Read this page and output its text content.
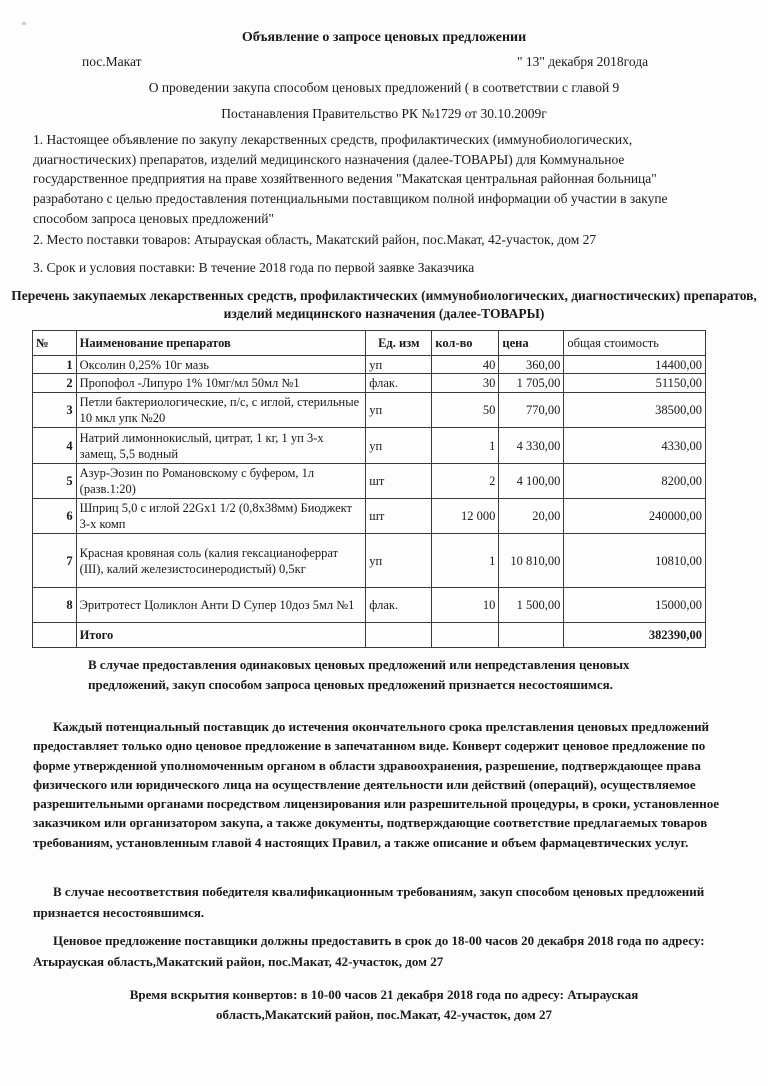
Объявление о запросе ценовых предложении
пос.Макат	" 13" декабря 2018года
О проведении закупа способом ценовых предложений ( в соответствии с главой 9
Постанавления Правительство РК №1729 от 30.10.2009г
1. Настоящее объявление по закупу лекарственных средств, профилактических (иммунобиологических, диагностических) препаратов, изделий медицинского назначения (далее-ТОВАРЫ) для Коммунальное государственное предприятия на праве хозяйтвенного ведения "Макатская центральная районная больница" разработано с целью предоставления потенциальными поставщиком полной информации об участии в закупе способом запроса ценовых предложений"
2. Место поставки товаров: Атырауская область, Макатский район, пос.Макат, 42-участок, дом 27
3. Срок и условия поставки: В течение 2018 года по первой заявке Заказчика
Перечень закупаемых лекарственных средств, профилактических (иммунобиологических, диагностических) препаратов, изделий медицинского назначения (далее-ТОВАРЫ)
№	Наименование препаратов	Ед. изм	кол-во	цена	общая стоимость
1	Оксолин 0,25% 10г мазь	уп	40	360,00	14400,00
2	Пропофол -Липуро 1% 10мг/мл 50мл №1	флак.	30	1 705,00	51150,00
3	Петли бактериологические, п/с, с иглой, стерильные 10 мкл упк №20	уп	50	770,00	38500,00
4	Натрий лимоннокислый, цитрат, 1 кг, 1 уп 3-х замещ, 5,5 водный	уп	1	4 330,00	4330,00
5	Азур-Эозин по Романовскому с буфером, 1л (разв.1:20)	шт	2	4 100,00	8200,00
6	Шприц 5,0 с иглой 22Gx1 1/2 (0,8x38мм) Биоджект 3-х комп	шт	12 000	20,00	240000,00
7	Красная кровяная соль (калия гексацианоферрат (III), калий железистосинеродистый) 0,5кг	уп	1	10 810,00	10810,00
8	Эритротест Цоликлон Анти D Супер 10доз 5мл №1	флак.	10	1 500,00	15000,00
	Итого				382390,00
В случае предоставления одинаковых ценовых предложений или непредставления ценовых предложений, закуп способом запроса ценовых предложений признается несостояшимся.
Каждый потенциальный поставщик до истечения окончательного срока прелставления ценовых предложений предоставляет только одно ценовое предложение в запечатанном виде. Конверт содержит ценовое предложение по форме утвержденной уполномоченным органом в области здравоохранения, разрешение, подтверждающее права физического или юридического лица на осуществление деятельности или действий (операций), осуществляемое разрешительными органами посредством лицензирования или разрешительной процедуры, в сроки, установленное заказчиком или организатором закупа, а также документы, подтверждающие соответствие предлагаемых товаров требованиям, установленным главой 4 настоящих Правил, а также описание и объем фармацевтических услуг.
В случае несоответствия победителя квалификационным требованиям, закуп способом ценовых предложений признается несостоявшимся.
Ценовое предложение поставщики должны предоставить в срок до 18-00 часов 20 декабря 2018 года по адресу: Атырауская область,Макатский район, пос.Макат, 42-участок, дом 27
Время вскрытия конвертов: в 10-00 часов 21 декабря 2018 года по адресу: Атырауская
область,Макатский район, пос.Макат, 42-участок, дом 27
